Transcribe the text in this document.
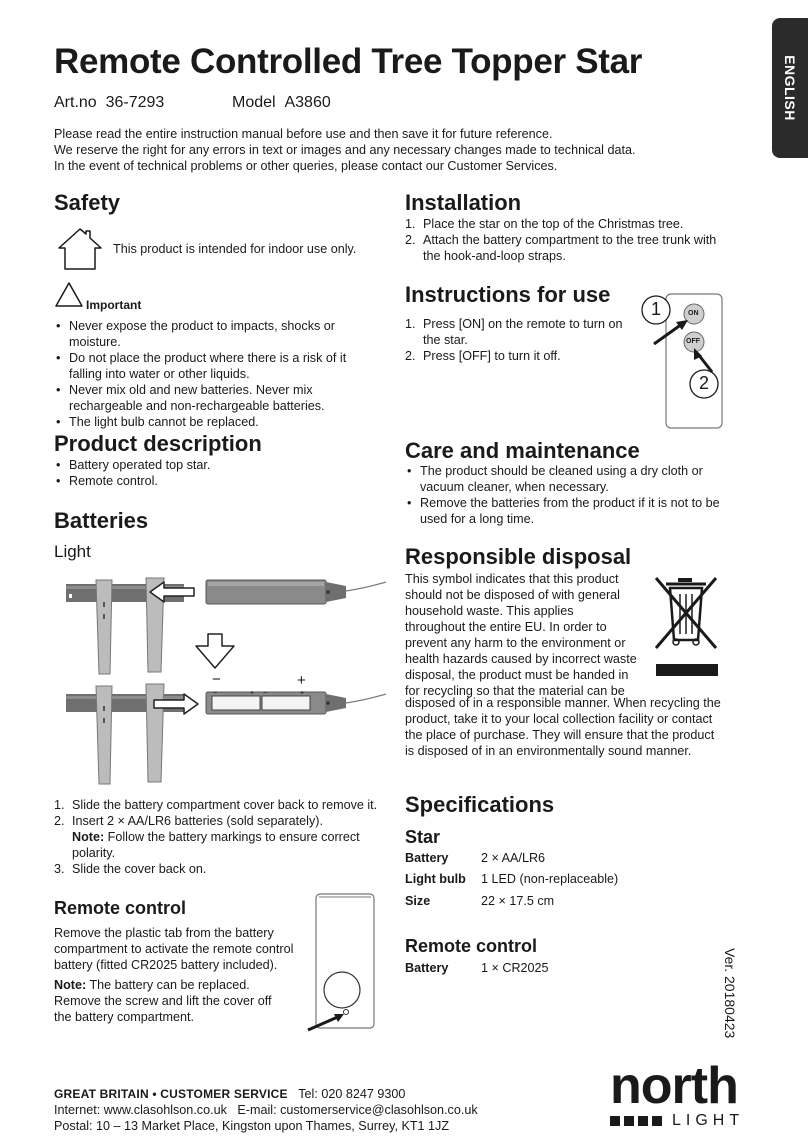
ENGLISH
Remote Controlled Tree Topper Star
Art.no 36-7293	Model A3860

Please read the entire instruction manual before use and then save it for future reference.

We reserve the right for any errors in text or images and any necessary changes made to technical data.

In the event of technical problems or other queries, please contact our Customer Services.

Safety

This product is intended for indoor use only.

Important

• Never expose the product to impacts, shocks or moisture.
• Do not place the product where there is a risk of it falling into water or other liquids.
• Never mix old and new batteries. Never mix rechargeable and non-rechargeable batteries.
• The light bulb cannot be replaced.
Product description
• Battery operated top star.
• Remote control.
Batteries
Light
−	+ −	+
−	+
1. Slide the battery compartment cover back to remove it.
2. Insert 2 × AA/LR6 batteries (sold separately).
Note: Follow the battery markings to ensure correct polarity.
3. Slide the cover back on.
Remote control

Remove the plastic tab from the battery compartment to activate the remote control battery (fitted CR2025 battery included).

Note: The battery can be replaced. Remove the screw and lift the cover off the battery compartment.

Installation
1. Place the star on the top of the Christmas tree.
2. Attach the battery compartment to the tree trunk with the hook-and-loop straps.
Instructions for use
1. Press [ON] on the remote to turn on the star.
2. Press [OFF] to turn it off.
ON
OFF
1
2
Care and maintenance
• The product should be cleaned using a dry cloth or vacuum cleaner, when necessary.
• Remove the batteries from the product if it is not to be used for a long time.
Responsible disposal

This symbol indicates that this product should not be disposed of with general household waste. This applies throughout the entire EU. In order to prevent any harm to the environment or health hazards caused by incorrect waste disposal, the product must be handed in for recycling so that the material can be

disposed of in a responsible manner. When recycling the product, take it to your local collection facility or contact the place of purchase. They will ensure that the product is disposed of in an environmentally sound manner.

Specifications
Star
Battery	2 × AA/LR6
Light bulb 1 LED (non-replaceable)
Size	22 × 17.5 cm
Remote control
Battery	1 × CR2025	Ver. 20180423
GREAT BRITAIN • CUSTOMER SERVICE Tel: 020 8247 9300
Internet: www.clasohlson.co.uk E-mail: customerservice@clasohlson.co.uk
Postal: 10 – 13 Market Place, Kingston upon Thames, Surrey, KT1 1JZ
north
LIGHT
